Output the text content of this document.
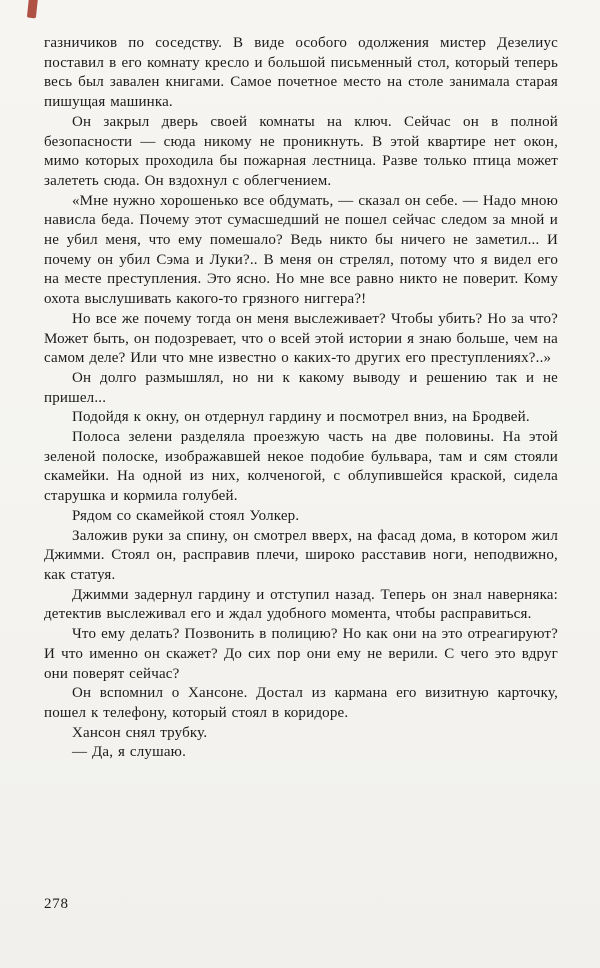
газничиков по соседству. В виде особого одолжения мистер Дезелиус поставил в его комнату кресло и большой письменный стол, который теперь весь был завален книгами. Самое почетное место на столе занимала старая пишущая машинка.

Он закрыл дверь своей комнаты на ключ. Сейчас он в полной безопасности — сюда никому не проникнуть. В этой квартире нет окон, мимо которых проходила бы пожарная лестница. Разве только птица может залететь сюда. Он вздохнул с облегчением.

«Мне нужно хорошенько все обдумать, — сказал он себе. — Надо мною нависла беда. Почему этот сумасшедший не пошел сейчас следом за мной и не убил меня, что ему помешало? Ведь никто бы ничего не заметил... И почему он убил Сэма и Луки?.. В меня он стрелял, потому что я видел его на месте преступления. Это ясно. Но мне все равно никто не поверит. Кому охота выслушивать какого-то грязного ниггера?!

Но все же почему тогда он меня выслеживает? Чтобы убить? Но за что? Может быть, он подозревает, что о всей этой истории я знаю больше, чем на самом деле? Или что мне известно о каких-то других его преступлениях?..»

Он долго размышлял, но ни к какому выводу и решению так и не пришел...

Подойдя к окну, он отдернул гардину и посмотрел вниз, на Бродвей.

Полоса зелени разделяла проезжую часть на две половины. На этой зеленой полоске, изображавшей некое подобие бульвара, там и сям стояли скамейки. На одной из них, колченогой, с облупившейся краской, сидела старушка и кормила голубей.

Рядом со скамейкой стоял Уолкер.

Заложив руки за спину, он смотрел вверх, на фасад дома, в котором жил Джимми. Стоял он, расправив плечи, широко расставив ноги, неподвижно, как статуя.

Джимми задернул гардину и отступил назад. Теперь он знал наверняка: детектив выслеживал его и ждал удобного момента, чтобы расправиться.

Что ему делать? Позвонить в полицию? Но как они на это отреагируют? И что именно он скажет? До сих пор они ему не верили. С чего это вдруг они поверят сейчас?

Он вспомнил о Хансоне. Достал из кармана его визитную карточку, пошел к телефону, который стоял в коридоре.

Хансон снял трубку.

— Да, я слушаю.

278
